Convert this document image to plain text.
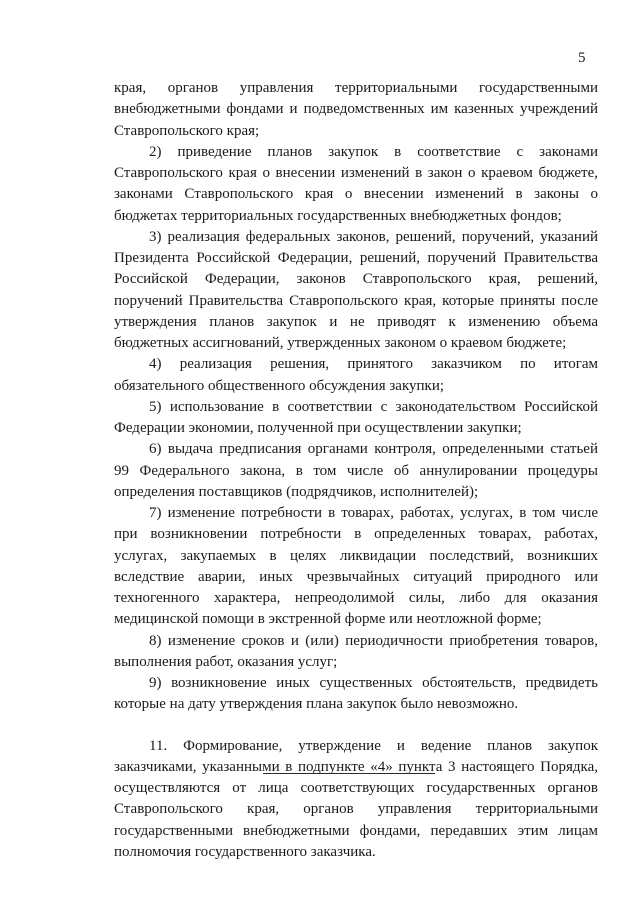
5

края, органов управления территориальными государственными внебюджетными фондами и подведомственных им казенных учреждений Ставропольского края;

2) приведение планов закупок в соответствие с законами Ставропольского края о внесении изменений в закон о краевом бюджете, законами Ставропольского края о внесении изменений в законы о бюджетах территориальных государственных внебюджетных фондов;

3) реализация федеральных законов, решений, поручений, указаний Президента Российской Федерации, решений, поручений Правительства Российской Федерации, законов Ставропольского края, решений, поручений Правительства Ставропольского края, которые приняты после утверждения планов закупок и не приводят к изменению объема бюджетных ассигнований, утвержденных законом о краевом бюджете;

4) реализация решения, принятого заказчиком по итогам обязательного общественного обсуждения закупки;

5) использование в соответствии с законодательством Российской Федерации экономии, полученной при осуществлении закупки;

6) выдача предписания органами контроля, определенными статьей 99 Федерального закона, в том числе об аннулировании процедуры определения поставщиков (подрядчиков, исполнителей);

7) изменение потребности в товарах, работах, услугах, в том числе при возникновении потребности в определенных товарах, работах, услугах, закупаемых в целях ликвидации последствий, возникших вследствие аварии, иных чрезвычайных ситуаций природного или техногенного характера, непреодолимой силы, либо для оказания медицинской помощи в экстренной форме или неотложной форме;

8) изменение сроков и (или) периодичности приобретения товаров, выполнения работ, оказания услуг;

9) возникновение иных существенных обстоятельств, предвидеть которые на дату утверждения плана закупок было невозможно.

11. Формирование, утверждение и ведение планов закупок заказчиками, указанными в подпункте «4» пункта 3 настоящего Порядка, осуществляются от лица соответствующих государственных органов Ставропольского края, органов управления территориальными государственными внебюджетными фондами, передавших этим лицам полномочия государственного заказчика.
